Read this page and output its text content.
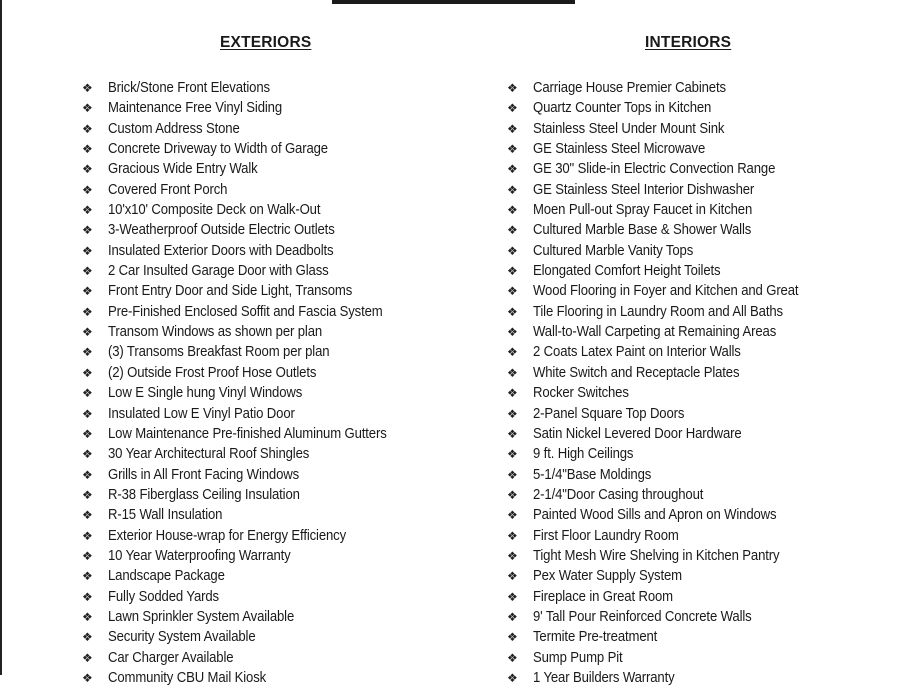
EXTERIORS
❖	Brick/Stone Front Elevations
❖	Maintenance Free Vinyl Siding
❖	Custom Address Stone
❖	Concrete Driveway to Width of Garage
❖	Gracious Wide Entry Walk
❖	Covered Front Porch
❖	10'x10' Composite Deck on Walk-Out
❖	3-Weatherproof Outside Electric Outlets
❖	Insulated Exterior Doors with Deadbolts
❖	2 Car Insulted Garage Door with Glass
❖	Front Entry Door and Side Light, Transoms
❖	Pre-Finished Enclosed Soffit and Fascia System
❖	Transom Windows as shown per plan
❖	(3) Transoms Breakfast Room per plan
❖	(2) Outside Frost Proof Hose Outlets
❖	Low E Single hung Vinyl Windows
❖	Insulated Low E Vinyl Patio Door
❖	Low Maintenance Pre-finished Aluminum Gutters
❖	30 Year Architectural Roof Shingles
❖	Grills in All Front Facing Windows
❖	R-38 Fiberglass Ceiling Insulation
❖	R-15 Wall Insulation
❖	Exterior House-wrap for Energy Efficiency
❖	10 Year Waterproofing Warranty
❖	Landscape Package
❖	Fully Sodded Yards
❖	Lawn Sprinkler System Available
❖	Security System Available
❖	Car Charger Available
❖	Community CBU Mail Kiosk
INTERIORS
❖	Carriage House Premier Cabinets
❖	Quartz Counter Tops in Kitchen
❖	Stainless Steel Under Mount Sink
❖	GE Stainless Steel Microwave
❖	GE 30" Slide-in Electric Convection Range
❖	GE Stainless Steel Interior Dishwasher
❖	Moen Pull-out Spray Faucet in Kitchen
❖	Cultured Marble Base & Shower Walls
❖	Cultured Marble Vanity Tops
❖	Elongated Comfort Height Toilets
❖	Wood Flooring in Foyer and Kitchen and Great
❖	Tile Flooring in Laundry Room and All Baths
❖	Wall-to-Wall Carpeting at Remaining Areas
❖	2 Coats Latex Paint on Interior Walls
❖	White Switch and Receptacle Plates
❖	Rocker Switches
❖	2-Panel Square Top Doors
❖	Satin Nickel Levered Door Hardware
❖	9 ft. High Ceilings
❖	5-1/4"Base Moldings
❖	2-1/4"Door Casing throughout
❖	Painted Wood Sills and Apron on Windows
❖	First Floor Laundry Room
❖	Tight Mesh Wire Shelving in Kitchen Pantry
❖	Pex Water Supply System
❖	Fireplace in Great Room
❖	9' Tall Pour Reinforced Concrete Walls
❖	Termite Pre-treatment
❖	Sump Pump Pit
❖	1 Year Builders Warranty
